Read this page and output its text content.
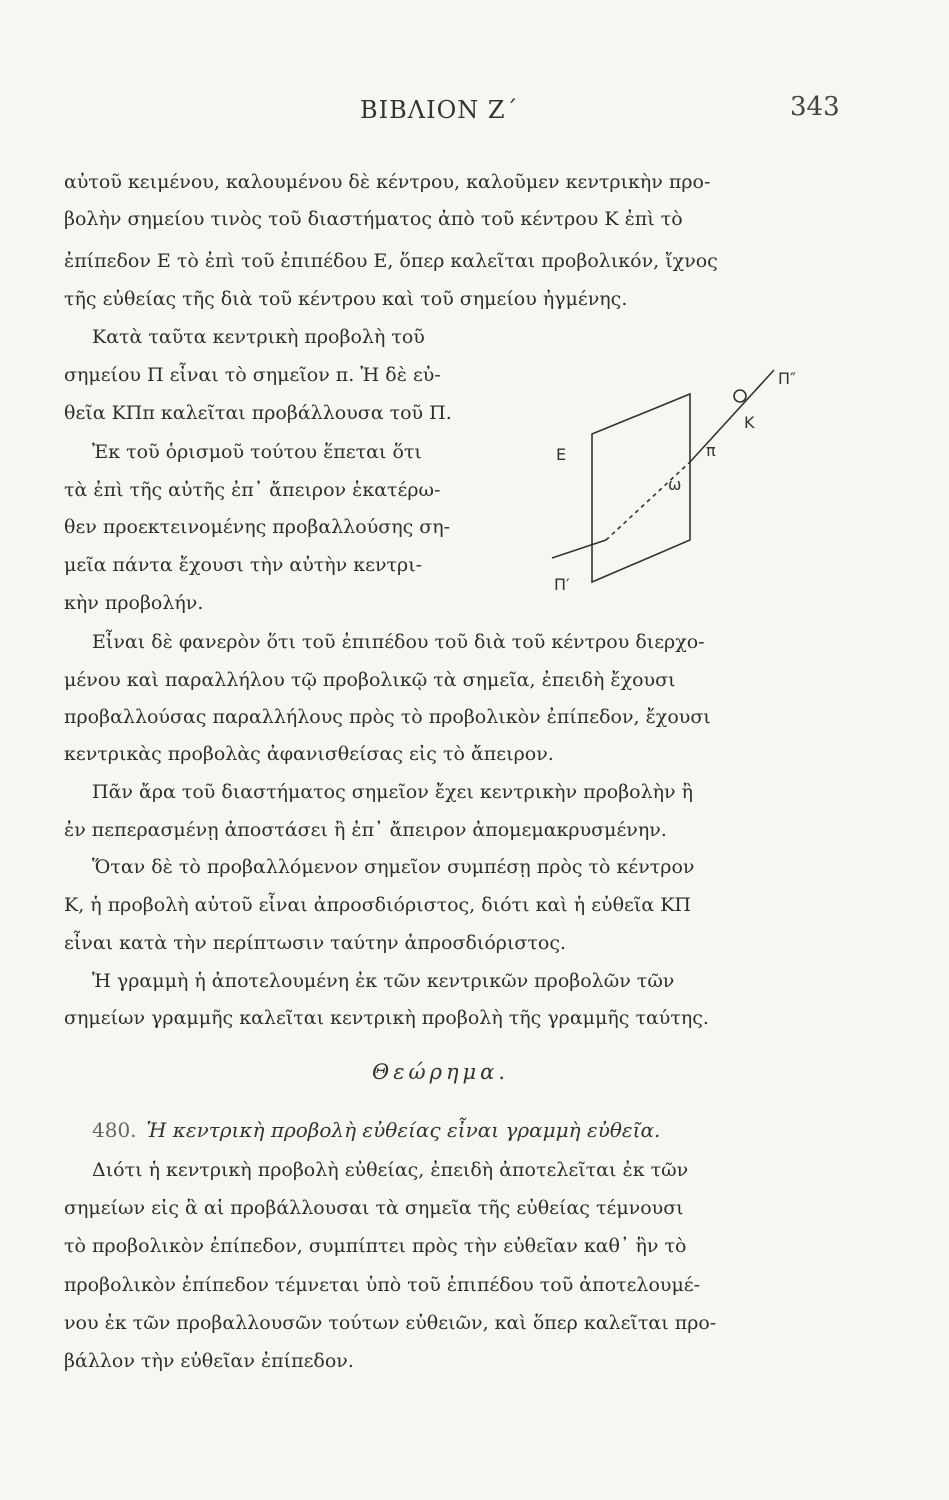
ΒΙΒΛΙΟΝ Ζ΄	343
αὐτοῦ κειμένου, καλουμένου δὲ κέντρου, καλοῦμεν κεντρικὴν προ-
βολὴν σημείου τινὸς τοῦ διαστήματος ἀπὸ τοῦ κέντρου Κ ἐπὶ τὸ
ἐπίπεδον Ε τὸ ἐπὶ τοῦ ἐπιπέδου Ε, ὅπερ καλεῖται προβολικόν, ἴχνος
τῆς εὐθείας τῆς διὰ τοῦ κέντρου καὶ τοῦ σημείου ἠγμένης.
Κατὰ ταῦτα κεντρικὴ προβολὴ τοῦ
σημείου Π εἶναι τὸ σημεῖον π. Ἡ δὲ εὐ-
θεῖα ΚΠπ καλεῖται προβάλλουσα τοῦ Π.
Ἐκ τοῦ ὁρισμοῦ τούτου ἕπεται ὅτι
τὰ ἐπὶ τῆς αὐτῆς ἐπ᾽ ἄπειρον ἑκατέρω-
θεν προεκτεινομένης προβαλλούσης ση-
μεῖα πάντα ἔχουσι τὴν αὐτὴν κεντρι-
κὴν προβολήν.
Ε
Κ
π
Π″
Π′
ω
Εἶναι δὲ φανερὸν ὅτι τοῦ ἐπιπέδου τοῦ διὰ τοῦ κέντρου διερχο-
μένου καὶ παραλλήλου τῷ προβολικῷ τὰ σημεῖα, ἐπειδὴ ἔχουσι
προβαλλούσας παραλλήλους πρὸς τὸ προβολικὸν ἐπίπεδον, ἔχουσι
κεντρικὰς προβολὰς ἀφανισθείσας εἰς τὸ ἄπειρον.
Πᾶν ἄρα τοῦ διαστήματος σημεῖον ἔχει κεντρικὴν προβολὴν ἢ
ἐν πεπερασμένῃ ἀποστάσει ἢ ἐπ᾽ ἄπειρον ἀπομεμακρυσμένην.
Ὅταν δὲ τὸ προβαλλόμενον σημεῖον συμπέσῃ πρὸς τὸ κέντρον
Κ, ἡ προβολὴ αὐτοῦ εἶναι ἀπροσδιόριστος, διότι καὶ ἡ εὐθεῖα ΚΠ
εἶναι κατὰ τὴν περίπτωσιν ταύτην ἀπροσδιόριστος.
Ἡ γραμμὴ ἡ ἀποτελουμένη ἐκ τῶν κεντρικῶν προβολῶν τῶν
σημείων γραμμῆς καλεῖται κεντρικὴ προβολὴ τῆς γραμμῆς ταύτης.
Θεώρημα.
480. Ἡ κεντρικὴ προβολὴ εὐθείας εἶναι γραμμὴ εὐθεῖα.
Διότι ἡ κεντρικὴ προβολὴ εὐθείας, ἐπειδὴ ἀποτελεῖται ἐκ τῶν
σημείων εἰς ἃ αἱ προβάλλουσαι τὰ σημεῖα τῆς εὐθείας τέμνουσι
τὸ προβολικὸν ἐπίπεδον, συμπίπτει πρὸς τὴν εὐθεῖαν καθ᾽ ἣν τὸ
προβολικὸν ἐπίπεδον τέμνεται ὑπὸ τοῦ ἐπιπέδου τοῦ ἀποτελουμέ-
νου ἐκ τῶν προβαλλουσῶν τούτων εὐθειῶν, καὶ ὅπερ καλεῖται προ-
βάλλον τὴν εὐθεῖαν ἐπίπεδον.
